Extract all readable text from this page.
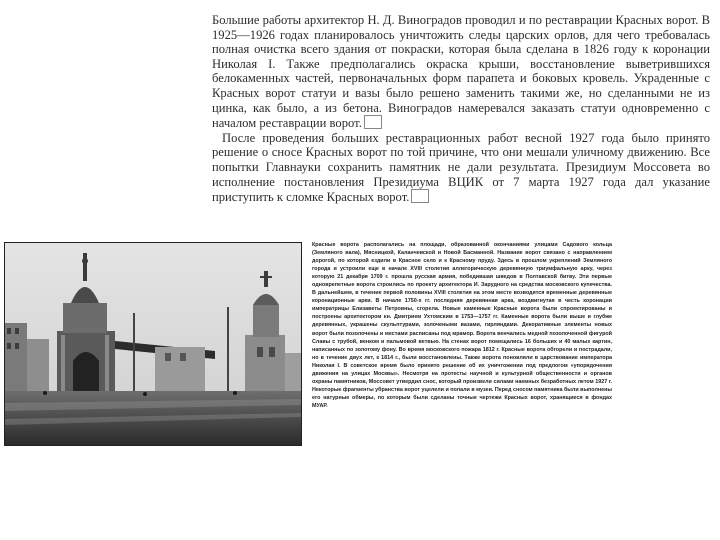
Большие работы архитектор Н. Д. Виноградов проводил и по реставрации Красных ворот. В 1925—1926 годах планировалось уничтожить следы царских орлов, для чего требовалась полная очистка всего здания от покраски, которая была сделана в 1826 году к коронации Николая I. Также предполагались окраска крыши, восстановление выветрившихся белокаменных частей, первоначальных форм парапета и боковых кровель. Украденные с Красных ворот статуи и вазы было решено заменить такими же, но сделанными не из цинка, как было, а из бетона. Виноградов намеревался заказать статуи одновременно с началом реставрации ворот.

После проведения больших реставрационных работ весной 1927 года было принято решение о сносе Красных ворот по той причине, что они мешали уличному движению. Все попытки Главнауки сохранить памятник не дали результата. Президиум Моссовета во исполнение постановления Президиума ВЦИК от 7 марта 1927 года дал указание приступить к сломке Красных ворот.

Красные ворота располагались на площади, образованной окончаниями улицами Садового кольца (Земляного вала), Мясницкой, Каланчевской и Новой Басманной. Название ворот связано с направлением дорогой, по которой ездили в Красное село и к Красному пруду. Здесь в прошлом укреплений Земляного города и устроили еще в начале XVIII столетия аллегорическую деревянную триумфальную арку, через которую 21 декабря 1709 г. прошла русская армия, победившая шведов в Полтавской битву. Эти первые одноврепетные ворота строились по проекту архитектора И. Зарудного на средства московского купечества. В дальнейшем, в течение первой половины XVIII столетия на этом месте возводятся временные деревянные коронационные арки. В начале 1750-х гг. последняя деревянная арка, воздвигнутая в честь коронации императрицы Елизаветы Петровны, сгорела. Новые каменные Красные ворота были спроектированы и построены архитектором кн. Дмитрием Ухтомским в 1753—1757 гг. Каменные ворота были выше и глубже деревянных, украшены скульптурами, золочеными вазами, гирляндами. Декоративные элементы новых ворот были позолочены и местами расписаны под мрамор. Ворота венчались медной позолоченной фигурой Славы с трубой, венком и пальмовой ветвью. На стенах ворот помещались 16 больших и 40 малых картин, написанных по золотому фону. Во время московского пожара 1812 г. Красные ворота обгорели и пострадали, но в течение двух лет, к 1814 г., были восстановлены. Также ворота поновляли в царствование императора Николая I. В советское время было принято решение об их уничтожении под предлогом «упорядочения движения на улицах Москвы». Несмотря на протесты научной и культурной общественности и органов охраны памятников, Моссовет утвердил снос, который произвели силами наемных безработных летом 1927 г. Некоторые фрагменты убранства ворот уцелели и попали в музеи. Перед сносом памятника были выполнены его натурные обмеры, по которым были сделаны точные чертежи Красных ворот, хранящиеся в фондах МУАР.
